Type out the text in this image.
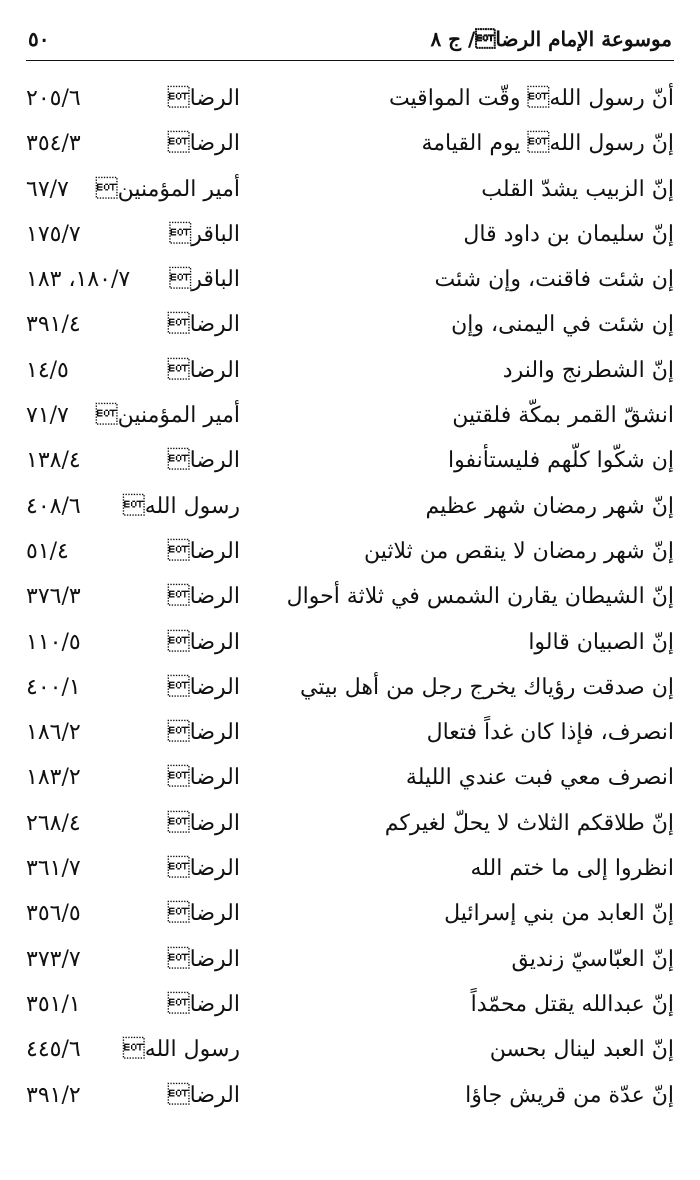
موسوعة الإمام الرضا/ ج ٨
٥٠
أنّ رسول الله وقّت المواقيت
الرضا
٢٠٥/٦
إنّ رسول الله يوم القيامة
الرضا
٣٥٤/٣
إنّ الزبيب يشدّ القلب
أمير المؤمنين
٦٧/٧
إنّ سليمان بن داود قال
الباقر
١٧٥/٧
إن شئت فاقنت، وإن شئت
الباقر
١٨٠/٧، ١٨٣
إن شئت في اليمنى، وإن
الرضا
٣٩١/٤
إنّ الشطرنج والنرد
الرضا
١٤/٥
انشقّ القمر بمكّة فلقتين
أمير المؤمنين
٧١/٧
إن شكّوا كلّهم فليستأنفوا
الرضا
١٣٨/٤
إنّ شهر رمضان شهر عظيم
رسول الله
٤٠٨/٦
إنّ شهر رمضان لا ينقص من ثلاثين
الرضا
٥١/٤
إنّ الشيطان يقارن الشمس في ثلاثة أحوال
الرضا
٣٧٦/٣
إنّ الصبيان قالوا
الرضا
١١٠/٥
إن صدقت رؤياك يخرج رجل من أهل بيتي
الرضا
٤٠٠/١
انصرف، فإذا كان غداً فتعال
الرضا
١٨٦/٢
انصرف معي فبت عندي الليلة
الرضا
١٨٣/٢
إنّ طلاقكم الثلاث لا يحلّ لغيركم
الرضا
٢٦٨/٤
انظروا إلى ما ختم الله
الرضا
٣٦١/٧
إنّ العابد من بني إسرائيل
الرضا
٣٥٦/٥
إنّ العبّاسيّ زنديق
الرضا
٣٧٣/٧
إنّ عبدالله يقتل محمّداً
الرضا
٣٥١/١
إنّ العبد لينال بحسن
رسول الله
٤٤٥/٦
إنّ عدّة من قريش جاؤا
الرضا
٣٩١/٢
